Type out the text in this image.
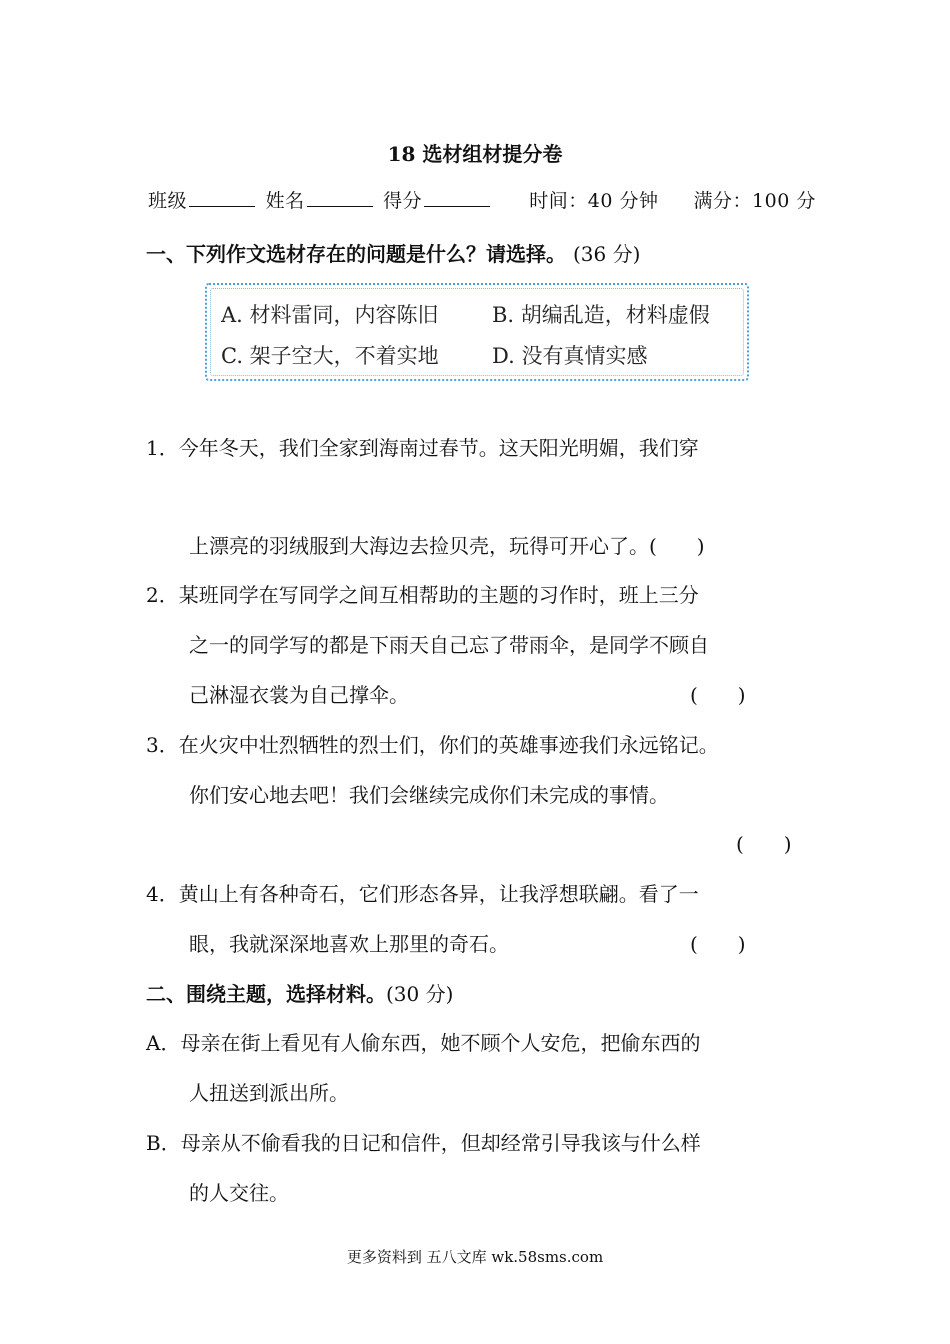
18 选材组材提分卷
班级	姓名	得分	时间：40 分钟 满分：100 分
一、下列作文选材存在的问题是什么？请选择。 (36 分)
A. 材料雷同，内容陈旧	B. 胡编乱造，材料虚假
C. 架子空大，不着实地	D. 没有真情实感
1．今年冬天，我们全家到海南过春节。这天阳光明媚，我们穿
上漂亮的羽绒服到大海边去捡贝壳，玩得可开心了。(　　)
2．某班同学在写同学之间互相帮助的主题的习作时，班上三分
之一的同学写的都是下雨天自己忘了带雨伞，是同学不顾自
己淋湿衣裳为自己撑伞。	(　　)
3．在火灾中壮烈牺牲的烈士们，你们的英雄事迹我们永远铭记。
你们安心地去吧！我们会继续完成你们未完成的事情。
(　　)
4．黄山上有各种奇石，它们形态各异，让我浮想联翩。看了一
眼，我就深深地喜欢上那里的奇石。	(　　)
二、围绕主题，选择材料。(30 分)
A．母亲在街上看见有人偷东西，她不顾个人安危，把偷东西的
人扭送到派出所。
B．母亲从不偷看我的日记和信件，但却经常引导我该与什么样
的人交往。
更多资料到 五八文库 wk.58sms.com
